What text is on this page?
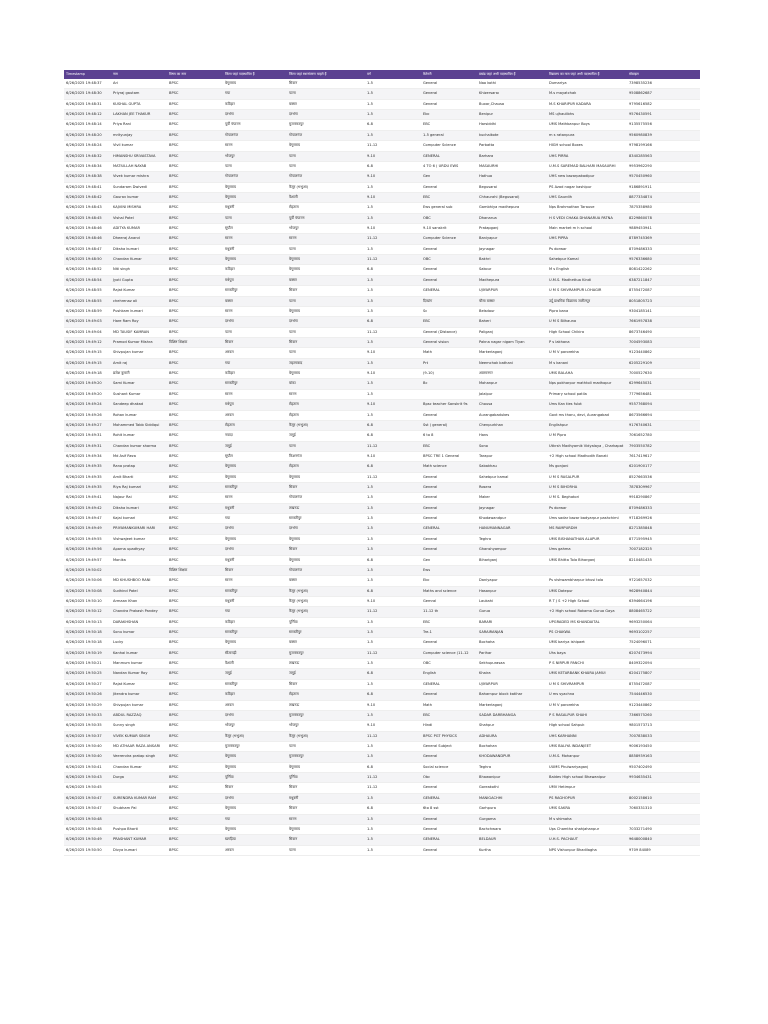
Timestamp	नाम	विषय का नाम	जिला जहां पदस्थापित हैं	जिला जहां स्थानांतरण चाहते हैं	वर्ग	कैटेगरी	प्रखंड जहां अभी पदस्थापित हैं	विद्यालय का नाम जहां अभी पदस्थापित हैं	मोबाइल
6/26/2025 19:48:37	Ari	BPSC	बेगूसराय	सिवान	1-5	General	Nao kothi	Dumariya	7398535236
6/26/2025 19:48:30	Priyraj gautam	BPSC	गया	पटना	1-5	General	Khizersaraı	M.s mayatchak	9508862687
6/26/2025 19:48:31	KUSHAL GUPTA	BPSC	कटिहार	बक्सर	1-5	General	Buxar,Chausa	M.S KHARIPUR KADARA	9795616582
6/26/2025 19:48:12	LAKHAN JEE THAKUR	BPSC	दरभंगा	दरभंगा	1-5	Ebc	Benipur	MS ujhaulibhs	9576430591
6/26/2025 19:48:14	Priya Rani	BPSC	पूर्वी चंपारण	मुजफ्फरपुर	6-8	EBC	Harsiddhi	UMS Mathbanpur Boys	9135575556
6/26/2025 19:48:20	mrityunjay	BPSC	गोपालगंज	गोपालगंज	1-5	1-5 general	kuchaikote	m s ratanpura	9560980839
6/26/2025 19:48:24	Vivil kumar	BPSC	सारण	बेगूसराय	11-12	Computer Science	Parbatta	HIGH school Boxes	9798199166
6/26/2025 19:48:32	HIMANSHU SRIVASTAVA	BPSC	भोजपुर	पटना	9-10	GENERAL	Barhara	UHS PIRRA	8340285563
6/26/2025 19:48:34	MATIULLAH NAYAB	BPSC	पटना	पटना	6-8	4 TO 6 ( URDU EWS	MASAURHI	U.M.S SAREMAD BALHARI MASAURHI	9953962290
6/26/2025 19:48:38	Vivek kumar mishra	BPSC	गोपालगंज	गोपालगंज	9-10	Gen	Hathua	UHS new bazarpakadipur	9570450960
6/26/2025 19:48:41	Sundaram Dwivedi	BPSC	बेगूसराय	कैमूर (भभुआ)	1-5	General	Begusarai	PS Azad nagar kashipur	9186891911
6/26/2025 19:48:42	Gaurav kumar	BPSC	बेगूसराय	वैशाली	9-10	EBC	Chhaurahi (Begusarai)	UHS Gaurdih	8877334874
6/26/2025 19:48:43	KAJVINI MISHRA	BPSC	मधुबनी	रोहतास	1-5	Ews general sub	Gambhiya madhepura	Nps Brahmothan Tarauve	7875358980
6/26/2025 19:48:45	Vishal Patel	BPSC	पटना	पूर्वी चंपारण	1-5	OBC	Dhanarua	H S VEDI CHAKA DHANARUA PATNA	8229860078
6/26/2025 19:48:46	ADITYA KUMAR	BPSC	सुपौल	भोजपुर	9-10	9-10 sanskrit	Pratapganj	Main market m h school	9889453941
6/26/2025 19:48:46	Dheeraj Anand	BPSC	सारण	सारण	11-12	Computer Science	Baniyapur	UHS PIPRA	8789745369
6/26/2025 19:48:47	Diksha kumari	BPSC	मधुबनी	पटना	1-5	General	Jaynagar	Ps dorwar	8709486333
6/26/2025 19:48:50	Chandan Kumar	BPSC	बेगूसराय	बेगूसराय	11-12	OBC	Bakhri	Sahebpur Kamal	9576336680
6/26/2025 19:48:52	Niti singh	BPSC	कटिहार	बेगूसराय	6-8	General	Sakour	M s English	8081422262
6/26/2025 19:48:54	Jyoti Gupta	BPSC	मधेपुरा	बक्सर	1-5	General	Madhepura	U.M.S. Madhettua Kindi	6387211847
6/26/2025 19:48:55	Rajat Kumar	BPSC	समस्तीपुर	सिवान	1-5	GENERAL	UJIYARPUR	U M S SHIVRAMPUR LOHAGIR	8755472087
6/26/2025 19:48:55	chehrenaz ali	BPSC	बक्सर	पटना	1-5	दिव्यांग	चौसा बक्सर	उर्दू प्राथमिक विद्यालय जलीलपुर	8051805723
6/26/2025 19:48:59	Pushkam kumari	BPSC	सारण	बेगूसराय	1-5	Sc	Belsdour	Pipra bana	9304185141
6/26/2025 19:49:03	Hare Ram Roy	BPSC	दरभंगा	दरभंगा	6-8	EBC	Baheri	U M S Bilhauna	7661957838
6/26/2025 19:49:04	MD TAUSIF KAMRAN	BPSC	पटना	पटना	11-12	General (Distance)	Paliganj	High School Chikira	8673746490
6/26/2025 19:49:12	Pramod Kumar Mishra	विशिष्ट शिक्षक	सिवान	सिवान	1-5	General vision	Pakna nagar nigam Tiyan	P s lakhana	7004593083
6/26/2025 19:49:15	Shivpujan kumar	BPSC	अरवल	पटना	9-10	Math	Markerlaganj	U M V parorekha	9123440862
6/26/2025 19:49:15	Amit raj	BPSC	गया	जहानाबाद	1-5	Prt	Neemchak bathani	M s kanani	6205229109
6/26/2025 19:49:18	ब्रजेश कुमारी	BPSC	कटिहार	बेगूसराय	9-10	(9-10)	आलमनगर	UMS BALAHA	7000527630
6/26/2025 19:49:20	Sami Kumar	BPSC	समस्तीपुर	बांका	1-5	Bc	Mohanpur	Nps pokharpur mathtoli madhopur	6299645031
6/26/2025 19:49:20	Sushant Kumar	BPSC	सारण	सारण	1-5		Jalalpur	Primary school patila	7779656481
6/26/2025 19:49:24	Sandeep dhakad	BPSC	मधेपुरा	रोहतास	9-10	Bpsc teacher Sanskrit 9s	Chousa	Ums Kan ties fulot	9557768094
6/26/2025 19:49:26	Rohan kumar	BPSC	अरवल	रोहतास	1-5	General	Aurangabadukes	Govt ms tharu, devi, Aurangabad	8673566694
6/26/2025 19:49:27	Mohammed Tabb Siddiqui	BPSC	रोहतास	कैमूर (भभुआ)	6-8	Sst ( general)	Chenpurkhan	Englishpur	9176740631
6/26/2025 19:49:31	Rohit kumar	BPSC	नवादा	जमुई	6-8	6 to 8	Hans	U M Pipra	7061652780
6/26/2025 19:49:31	Chandan kumar sharma	BPSC	जमुई	पटना	11-12	EBC	Sono	Utkrsh Madhyamik Vidyalaya , Charkapat	7903550782
6/26/2025 19:49:34	Md Asif Reza	BPSC	सुपौल	किशनगंज	9-10	BPSC TRE 1 General	Tarapur	+2 High school Madhodih Banati	7617419617
6/26/2025 19:49:35	Rana pratap	BPSC	बेगूसराय	रोहतास	6-8	Math science	Sabakhau	Ms gonjani	6201900177
6/26/2025 19:49:35	Amit Bharti	BPSC	बेगूसराय	बेगूसराय	11-12	General	Sahebpur kamal	U M S RASALPUR	8527663536
6/26/2025 19:49:35	Riya Raj kumari	BPSC	समस्तीपुर	सिवान	1-5	General	Rosera	U M S BIHORHA	7878309967
6/26/2025 19:49:41	Najaur Rai	BPSC	सारण	गोपालगंज	1-5	General	Maker	U M S. Beghatori	9918290867
6/26/2025 19:49:42	Diksha kumari	BPSC	मधुबनी	लखनऊ	1-5	General	Jaynagar	Ps dorwar	8709486333
6/26/2025 19:49:47	Kajal kumari	BPSC	गया	समस्तीपुर	1-5	General	Khodawandpur	Ums sadar bazar badyarpur pashchimi	9718269926
6/26/2025 19:49:49	PRIYAMANKUMARI HARI	BPSC	दरभंगा	दरभंगा	1-5	GENERAL	HANUMANNAGAR	MS RAMPURDIH	8271385848
6/26/2025 19:49:55	Vishwajeet kumar	BPSC	बेगूसराय	बेगूसराय	1-5	General	Teghra	UMS BISHANATHAN ALAPUR	8771595945
6/26/2025 19:49:56	Aparna upadhyay	BPSC	दरभंगा	सिवान	1-5	General	Ghanshyampur	Ums gahma	7007182325
6/26/2025 19:49:57	Monika	BPSC	मधुबनी	बेगूसराय	6-8	Gen	Bihariganj	UMS Bhitta Tola Biharganj	8210481435
6/26/2025 19:50:02		विशिष्ट शिक्षक	सिवान	गोपालगंज	1-5	Ews			
6/26/2025 19:50:06	MD KHUSHBOO RANI	BPSC	सारण	बक्सर	1-5	Ebc	Daniyapur	Ps vishwambharpur bhusi tola	9721657032
6/26/2025 19:50:08	Sudhind Patel	BPSC	समस्तीपुर	कैमूर (भभुआ)	6-8	Maths and science	Hasanpur	UMS Datepur	9628940844
6/26/2025 19:50:10	Armaan Khan	BPSC	मधुबनी	कैमूर (भभुआ)	9-10	Gemral	Laukahi	R T J S +2 High School	6394664196
6/26/2025 19:50:12	Chandra Prakash Pandey	BPSC	गया	कैमूर (भभुआ)	11-12	11-12 th	Gurua	+2 High school Rokama Gurua Gaya	8808465722
6/26/2025 19:50:13	DARAKHSHAN	BPSC	कटिहार	पूर्णिया	1-5	EBC	BARARI	UPGRADED MS KHANDAITAL	9693250064
6/26/2025 19:50:18	Sonu kumar	BPSC	समस्तीपुर	समस्तीपुर	1-5	Tre-1	SARAIRANJAN	PS CHAKWA	9693102257
6/26/2025 19:50:18	Lucky	BPSC	बेगूसराय	बक्सर	1-5	General	Bochaha	UMS bariya ishipaet	7524096071
6/26/2025 19:50:19	Kanhai kumar	BPSC	सीतामढ़ी	मुजफ्फरपुर	11-12	Computer science (11-12	Parihar	Uhs baya	6207473994
6/26/2025 19:50:21	Manmum kumar	BPSC	वैशाली	लखनऊ	1-5	OBC	Sekhupurasaa	P S NIRPUR PANCHI	8409322094
6/26/2025 19:50:25	Nandan Kumar Roy	BPSC	जमुई	जमुई	6-8	English	Khaira	UMS KETARBANK KHAIRA JAMUI	6204175807
6/26/2025 19:50:27	Rajat Kumar	BPSC	समस्तीपुर	सिवान	1-5	GENERAL	UJIYARPUR	U M S SHIVRAMPUR	8755472087
6/26/2025 19:50:26	Jitendra kumar	BPSC	कटिहार	रोहतास	6-8	General	Baharnpur block katihar	U ms syachna	7544446530
6/26/2025 19:50:29	Shivpujan kumar	BPSC	अरवल	लखनऊ	9-10	Math	Markerlaganj	U M V parorekha	9123440862
6/26/2025 19:50:33	ABDUL RAZZAQ	BPSC	दरभंगा	मुजफ्फरपुर	1-5	EBC	SADAR DARBHANGA	P S RASALPUR SHAHI	7366575260
6/26/2025 19:50:35	Sunny singh	BPSC	भोजपुर	भोजपुर	9-10	Hindi	Shahpur	High school Sahpuk	9801573713
6/26/2025 19:50:37	VIVEK KUMAR SINGH	BPSC	कैमूर (भभुआ)	कैमूर (भभुआ)	11-12	BPSC PGT PHYSICS	ADHAURA	UHS KARHANNI	7007838033
6/26/2025 19:50:40	MD ATHAAR RAZA ANSARI	BPSC	मुजफ्फरपुर	पटना	1-5	General Subject	Bochahan	UMS BALIYA INDANJEET	9006193450
6/26/2025 19:50:40	Veerendra pratap singh	BPSC	बेगूसराय	मुजफ्फरपुर	1-5	General	KHODAWANDPUR	U.M.S. Mohanpur	8858939163
6/26/2025 19:50:41	Chandan Kumar	BPSC	बेगूसराय	बेगूसराय	6-8	Social science	Teghra	UUMS Phulwariyaganj	9507402490
6/26/2025 19:50:43	Durga	BPSC	पूर्णिया	पूर्णिया	11-12	Obc	Bhawanipur	Baldev High school Bhawanipur	9934635431
6/26/2025 19:50:45		BPSC	सिवान	सिवान	11-12	General	Goreakothi	UMV Hetimpur	
6/26/2025 19:50:47	SURENDRA KUMAR RAM	BPSC	दरभंगा	मधुबनी	1-5	GENERAL	MANIGACHHI	PS RAGHOPUR	8002158610
6/26/2025 19:50:47	Shubham Pal	BPSC	बेगूसराय	सिवान	6-8	6to 8 sst	Garhpura	UMS SAKRA	7060331310
6/26/2025 19:50:48		BPSC	गया	सारण	1-5	General	Gurgama	M s shimaha	
6/26/2025 19:50:48	Pushpa Bharti	BPSC	बेगूसराय	बेगूसराय	1-5	General	Bachchwara	Ups Chamtha shahjahanpur	7033271490
6/26/2025 19:50:49	PRASHANT KUMAR	BPSC	खगड़िया	सिवान	1-5	GENERAL	BELDAUR	U.H.S. PACHAUT	9648000840
6/26/2025 19:50:50	Divya kumari	BPSC	अरवल	पटना	1-5	General	Kurtha	NPS Vishunpur Bhadilagha	9709 84089
